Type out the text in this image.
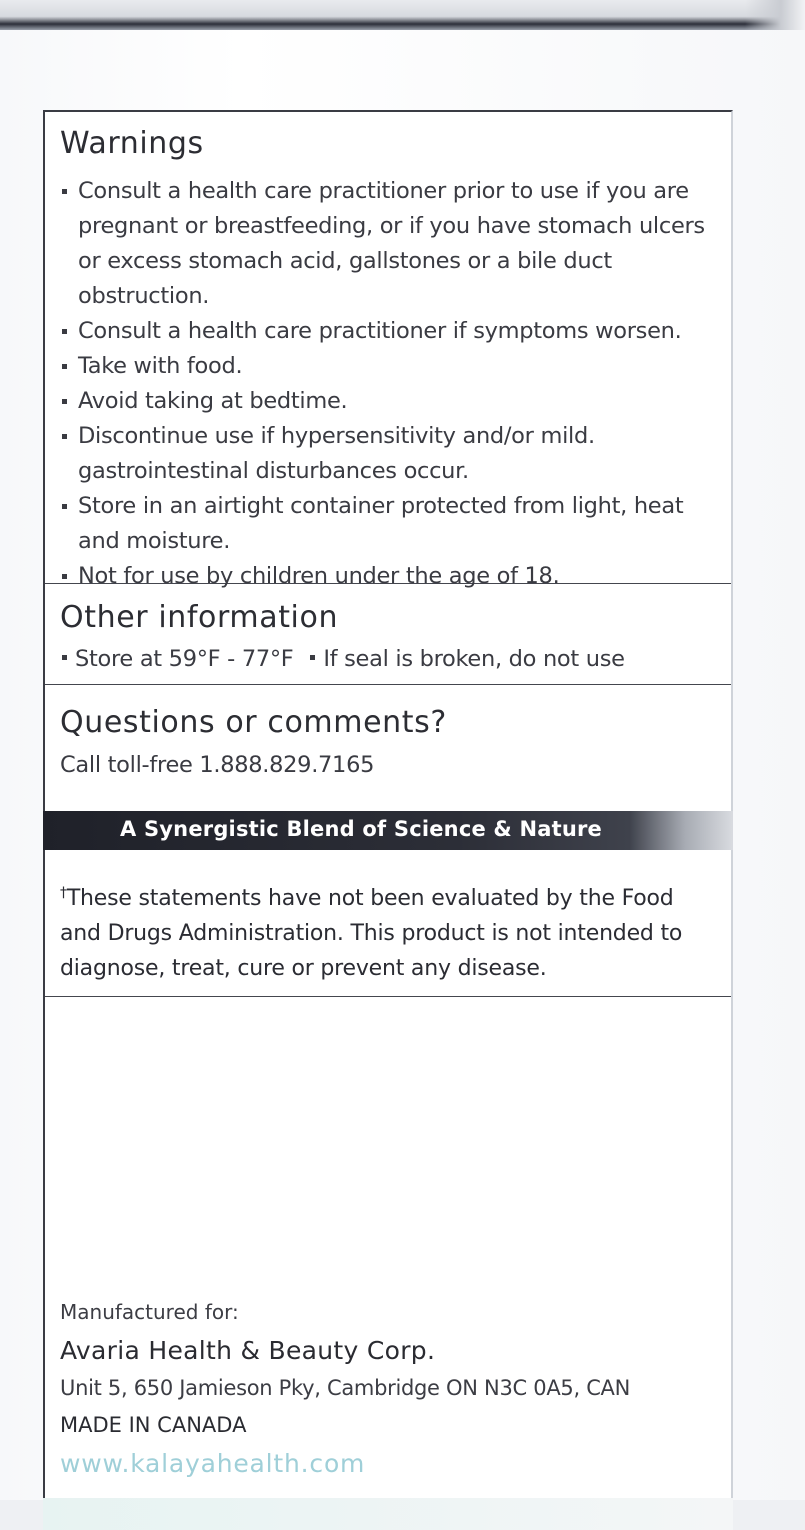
Warnings
Consult a health care practitioner prior to use if you are pregnant or breastfeeding, or if you have stomach ulcers or excess stomach acid, gallstones or a bile duct obstruction.
Consult a health care practitioner if symptoms worsen.
Take with food.
Avoid taking at bedtime.
Discontinue use if hypersensitivity and/or mild. gastrointestinal disturbances occur.
Store in an airtight container protected from light, heat and moisture.
Not for use by children under the age of 18.
Other information
Store at 59°F - 77°F If seal is broken, do not use
Questions or comments?
Call toll-free 1.888.829.7165
A Synergistic Blend of Science & Nature
†These statements have not been evaluated by the Food and Drugs Administration. This product is not intended to diagnose, treat, cure or prevent any disease.
Manufactured for:
Avaria Health & Beauty Corp.
Unit 5, 650 Jamieson Pky, Cambridge ON N3C 0A5, CAN
MADE IN CANADA
www.kalayahealth.com
